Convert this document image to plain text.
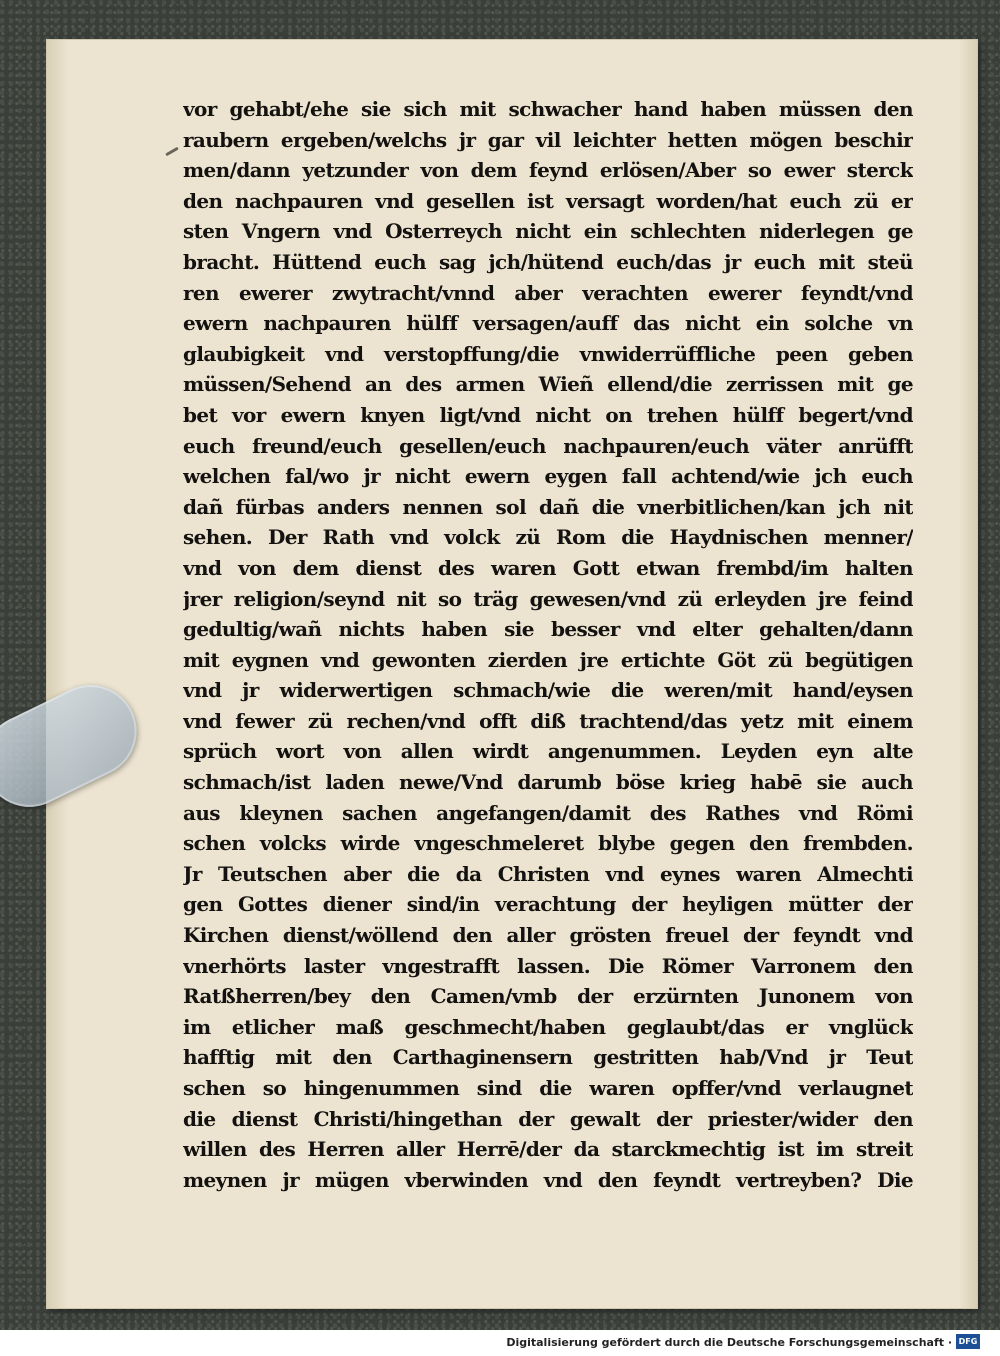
vor gehabt/ehe sie sich mit schwacher hand haben müssen den
raubern ergeben/welchs jr gar vil leichter hetten mögen beschir
men/dann yetzunder von dem feynd erlösen/Aber so ewer sterck
den nachpauren vnd gesellen ist versagt worden/hat euch zü er
sten Vngern vnd Osterreych nicht ein schlechten niderlegen ge
bracht. Hüttend euch sag jch/hütend euch/das jr euch mit steü
ren ewerer zwytracht/vnnd aber verachten ewerer feyndt/vnd
ewern nachpauren hülff versagen/auff das nicht ein solche vn
glaubigkeit vnd verstopffung/die vnwiderrüffliche peen geben
müssen/Sehend an des armen Wieñ ellend/die zerrissen mit ge
bet vor ewern knyen ligt/vnd nicht on trehen hülff begert/vnd
euch freund/euch gesellen/euch nachpauren/euch väter anrüfft
welchen fal/wo jr nicht ewern eygen fall achtend/wie jch euch
dañ fürbas anders nennen sol dañ die vnerbitlichen/kan jch nit
sehen. Der Rath vnd volck zü Rom die Haydnischen menner/
vnd von dem dienst des waren Gott etwan frembd/im halten
jrer religion/seynd nit so träg gewesen/vnd zü erleyden jre feind
gedultig/wañ nichts haben sie besser vnd elter gehalten/dann
mit eygnen vnd gewonten zierden jre ertichte Göt zü begütigen
vnd jr widerwertigen schmach/wie die weren/mit hand/eysen
vnd fewer zü rechen/vnd offt diß trachtend/das yetz mit einem
sprüch wort von allen wirdt angenummen. Leyden eyn alte
schmach/ist laden newe/Vnd darumb böse krieg habē sie auch
aus kleynen sachen angefangen/damit des Rathes vnd Römi
schen volcks wirde vngeschmeleret blybe gegen den frembden.
Jr Teutschen aber die da Christen vnd eynes waren Almechti
gen Gottes diener sind/in verachtung der heyligen mütter der
Kirchen dienst/wöllend den aller grösten freuel der feyndt vnd
vnerhörts laster vngestrafft lassen. Die Römer Varronem den
Ratßherren/bey den Camen/vmb der erzürnten Junonem von
im etlicher maß geschmecht/haben geglaubt/das er vnglück
hafftig mit den Carthaginensern gestritten hab/Vnd jr Teut
schen so hingenummen sind die waren opffer/vnd verlaugnet
die dienst Christi/hingethan der gewalt der priester/wider den
willen des Herren aller Herrē/der da starckmechtig ist im streit
meynen jr mügen vberwinden vnd den feyndt vertreyben? Die
Digitalisierung gefördert durch die Deutsche Forschungsgemeinschaft · DFG
